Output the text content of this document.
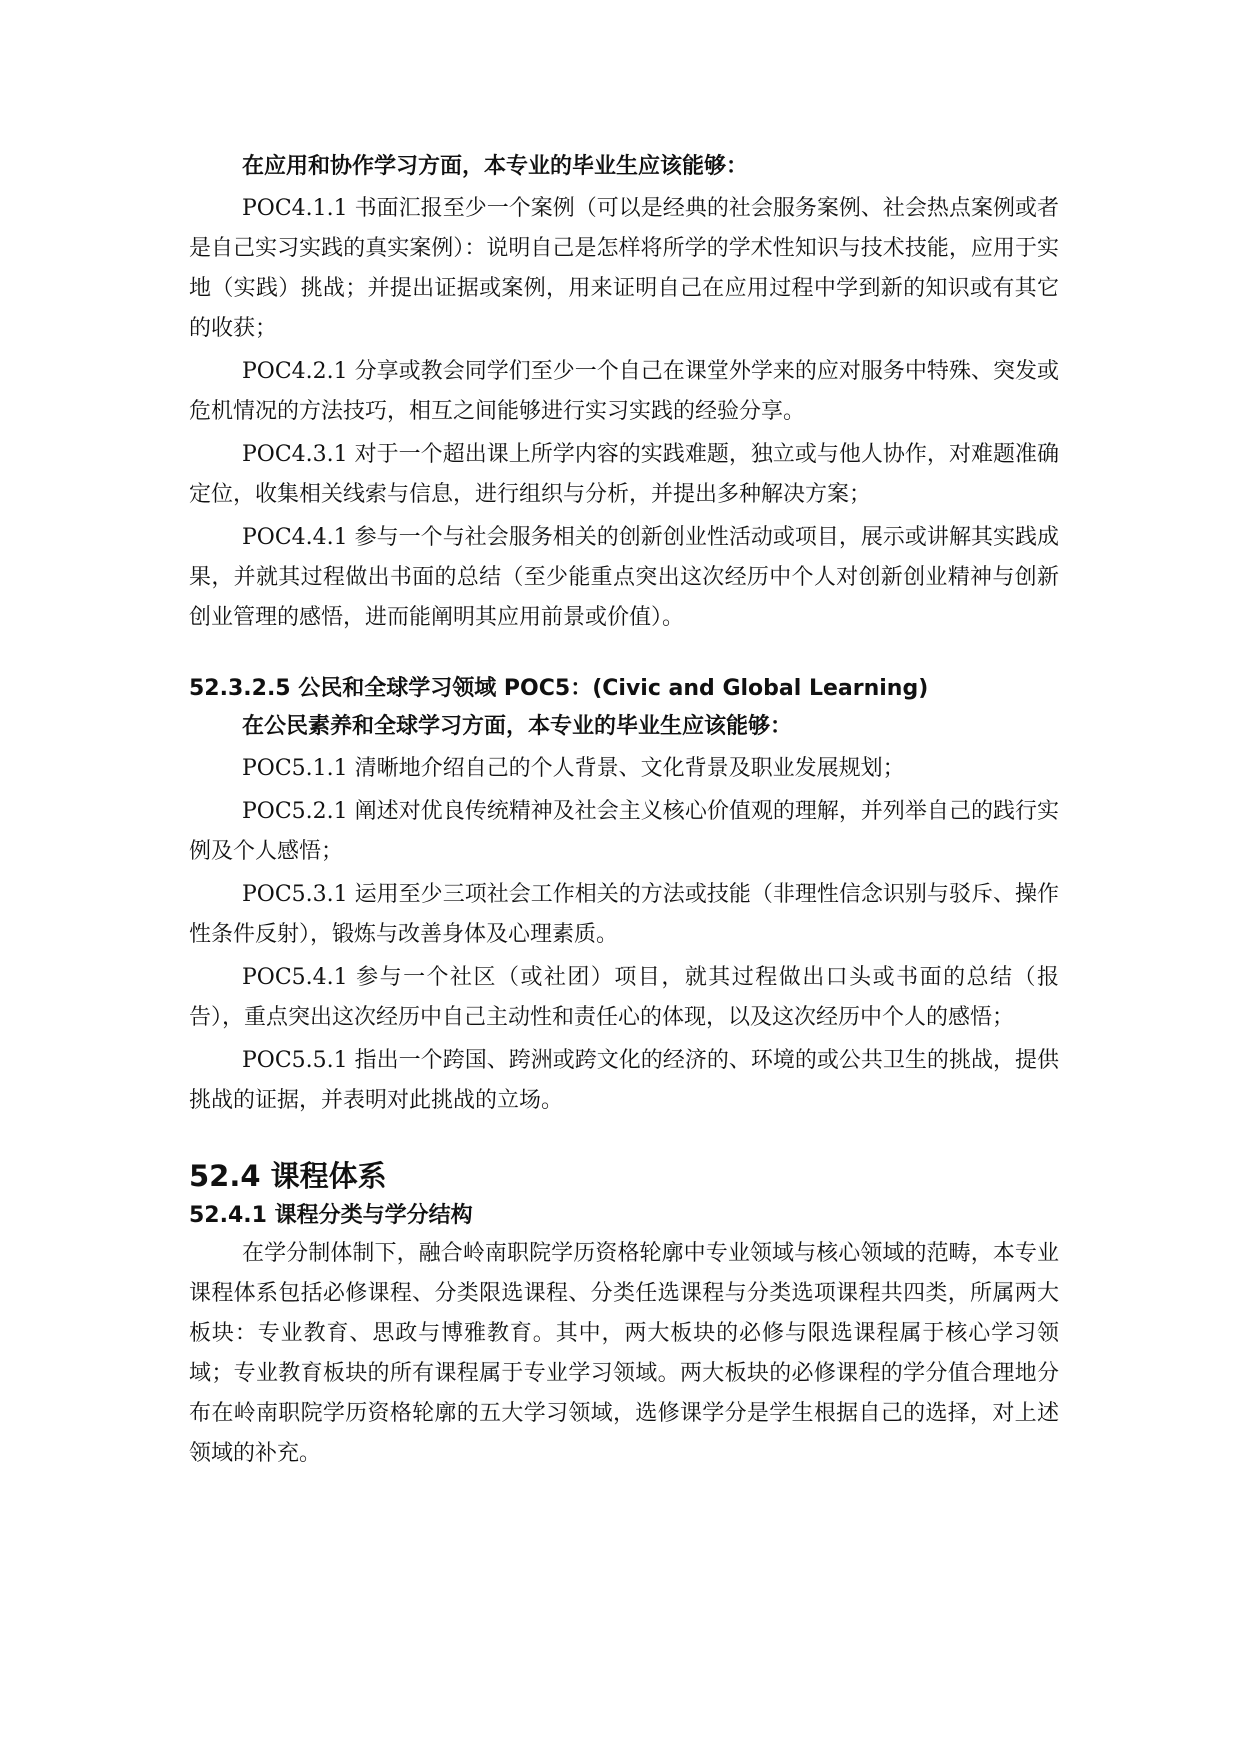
在应用和协作学习方面，本专业的毕业生应该能够：

POC4.1.1 书面汇报至少一个案例（可以是经典的社会服务案例、社会热点案例或者是自己实习实践的真实案例）：说明自己是怎样将所学的学术性知识与技术技能，应用于实地（实践）挑战；并提出证据或案例，用来证明自己在应用过程中学到新的知识或有其它的收获；

POC4.2.1 分享或教会同学们至少一个自己在课堂外学来的应对服务中特殊、突发或危机情况的方法技巧，相互之间能够进行实习实践的经验分享。

POC4.3.1 对于一个超出课上所学内容的实践难题，独立或与他人协作，对难题准确定位，收集相关线索与信息，进行组织与分析，并提出多种解决方案；

POC4.4.1 参与一个与社会服务相关的创新创业性活动或项目，展示或讲解其实践成果，并就其过程做出书面的总结（至少能重点突出这次经历中个人对创新创业精神与创新创业管理的感悟，进而能阐明其应用前景或价值）。

52.3.2.5 公民和全球学习领域 POC5：(Civic and Global Learning)

在公民素养和全球学习方面，本专业的毕业生应该能够：

POC5.1.1 清晰地介绍自己的个人背景、文化背景及职业发展规划；

POC5.2.1 阐述对优良传统精神及社会主义核心价值观的理解，并列举自己的践行实例及个人感悟；

POC5.3.1 运用至少三项社会工作相关的方法或技能（非理性信念识别与驳斥、操作性条件反射），锻炼与改善身体及心理素质。

POC5.4.1 参与一个社区（或社团）项目，就其过程做出口头或书面的总结（报告），重点突出这次经历中自己主动性和责任心的体现，以及这次经历中个人的感悟；

POC5.5.1 指出一个跨国、跨洲或跨文化的经济的、环境的或公共卫生的挑战，提供挑战的证据，并表明对此挑战的立场。

52.4 课程体系

52.4.1 课程分类与学分结构

在学分制体制下，融合岭南职院学历资格轮廓中专业领域与核心领域的范畴，本专业课程体系包括必修课程、分类限选课程、分类任选课程与分类选项课程共四类，所属两大板块：专业教育、思政与博雅教育。其中，两大板块的必修与限选课程属于核心学习领域；专业教育板块的所有课程属于专业学习领域。两大板块的必修课程的学分值合理地分布在岭南职院学历资格轮廓的五大学习领域，选修课学分是学生根据自己的选择，对上述领域的补充。
